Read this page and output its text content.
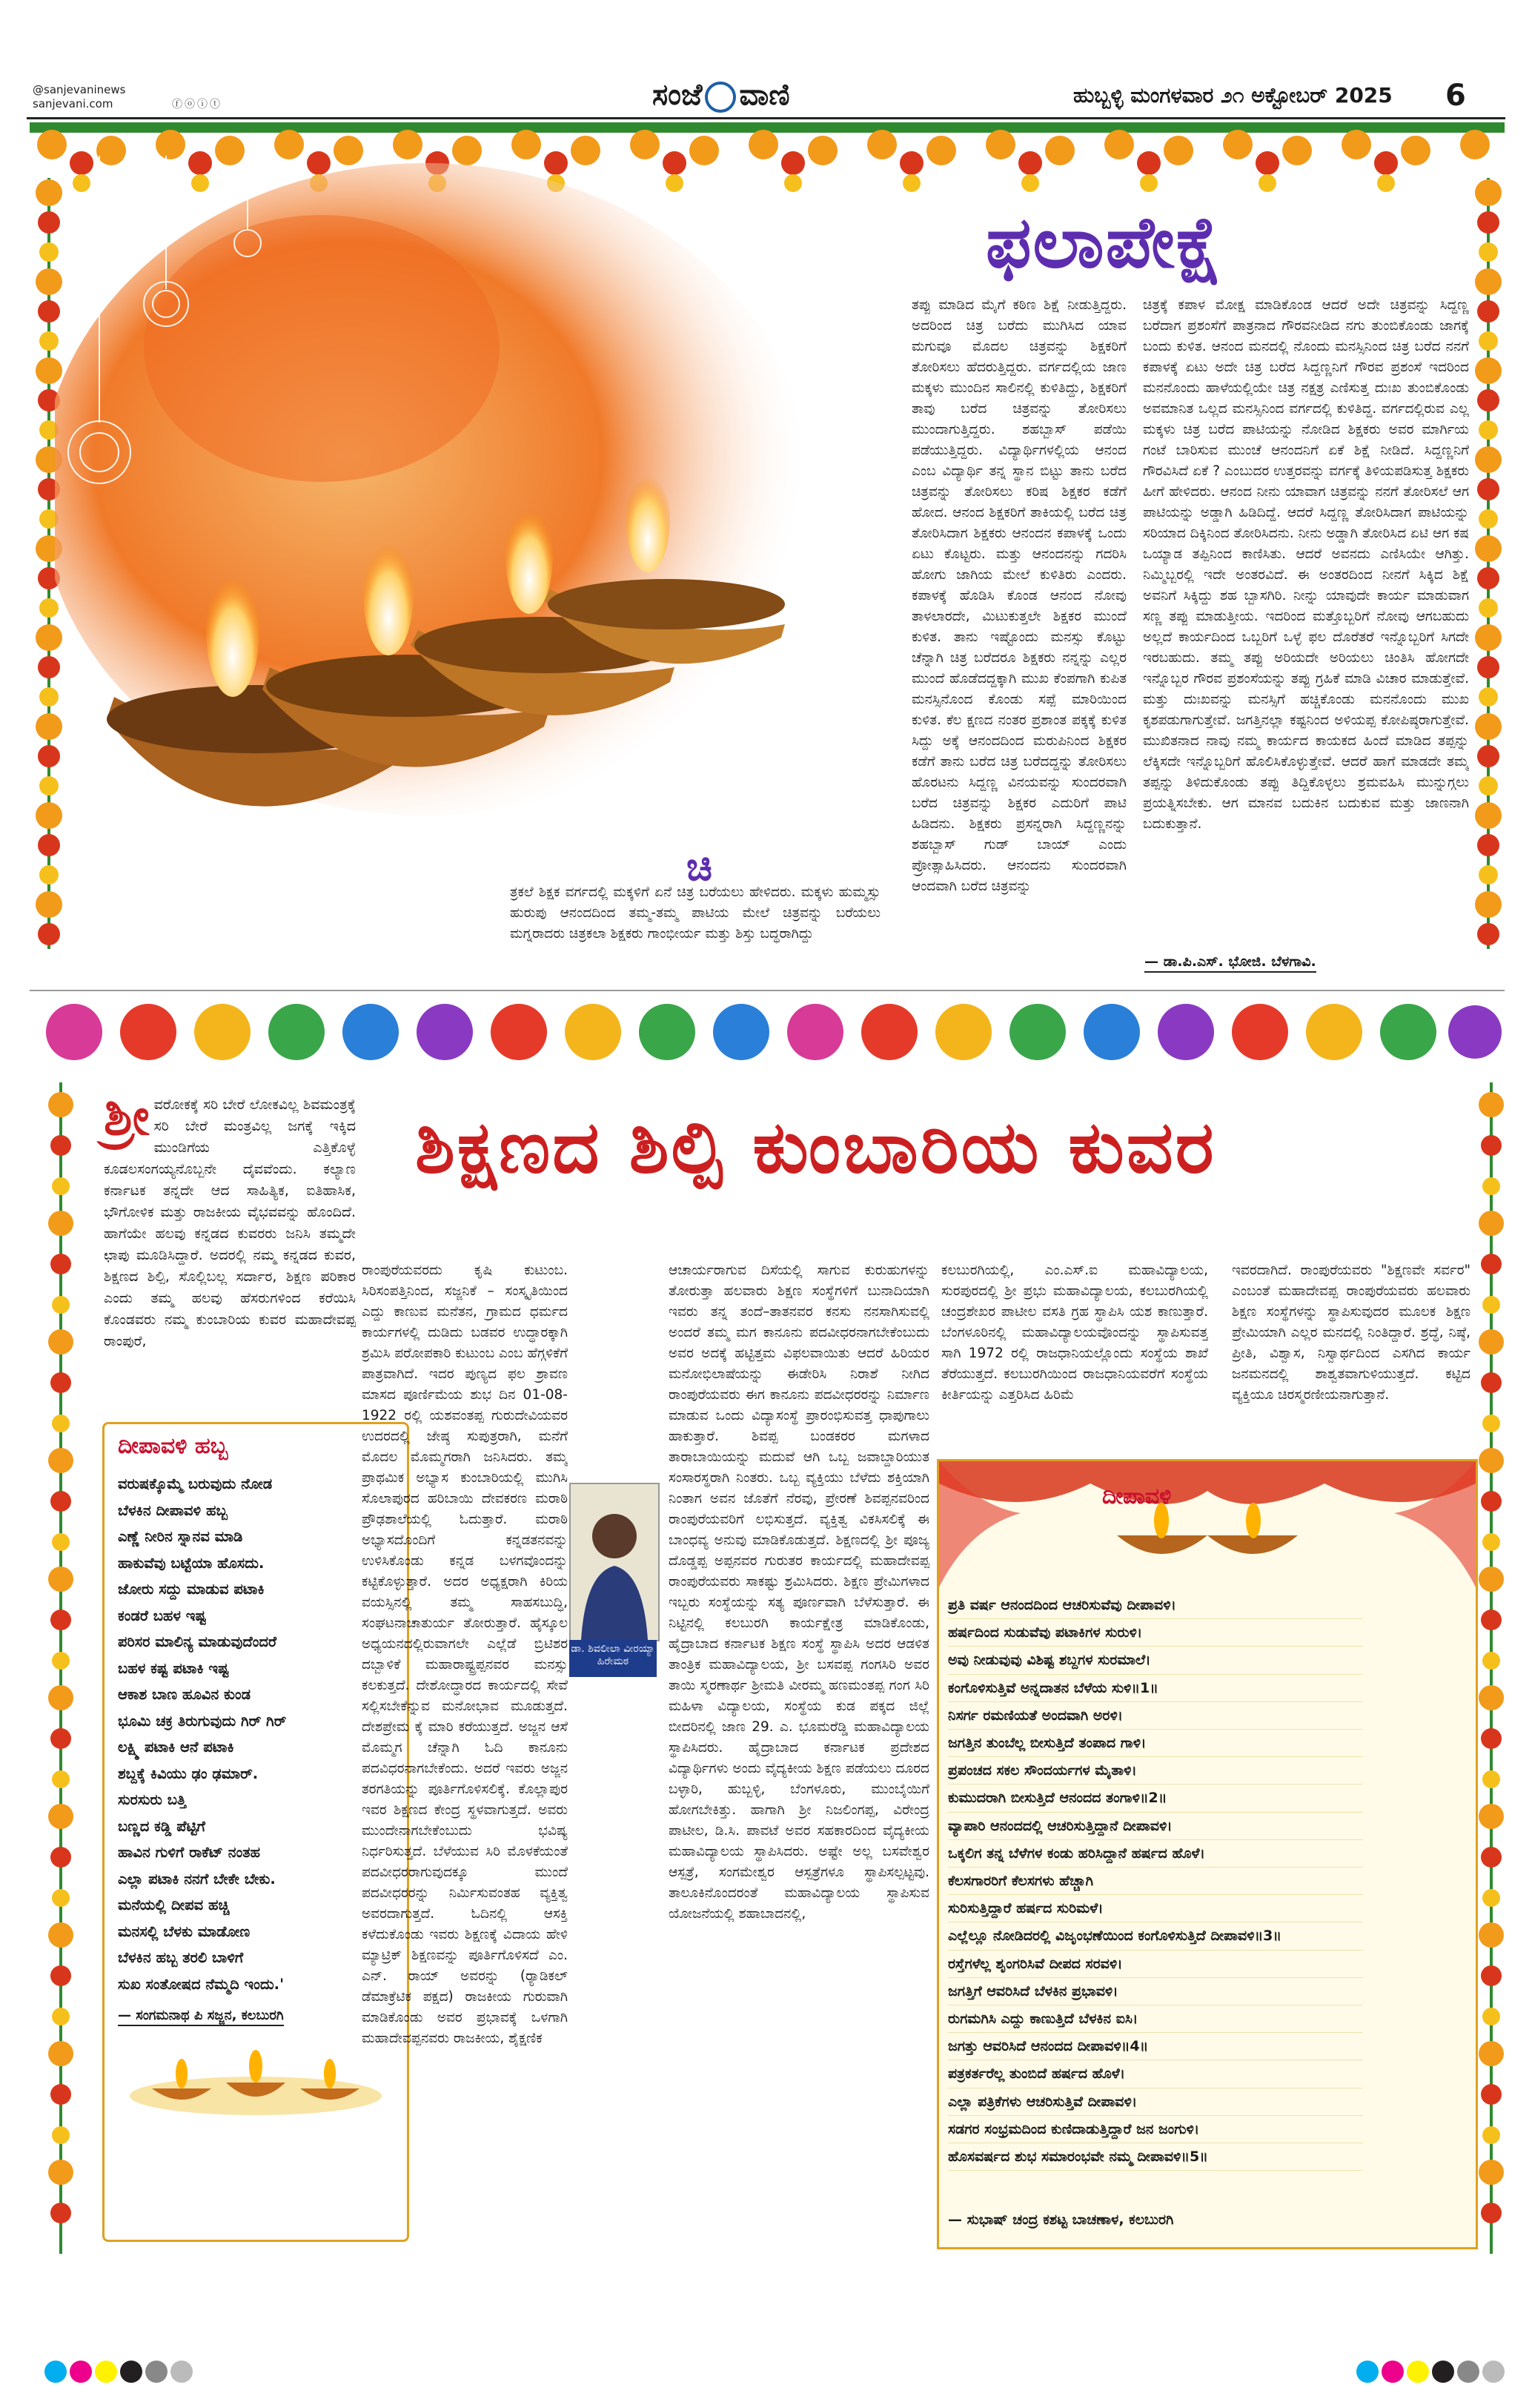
@sanjevaninews
sanjevani.com	ⓕⓞⓘⓣ	ಸಂಜೆ ವಾಣಿ	ಹುಬ್ಬಳ್ಳಿ ಮಂಗಳವಾರ ೨೧ ಅಕ್ಟೋಬರ್ 2025 6
ಫಲಾಪೇಕ್ಷೆ

ತಪ್ಪು ಮಾಡಿದ ಮೈಗೆ ಕಠಿಣ ಶಿಕ್ಷೆ ನೀಡುತ್ತಿದ್ದರು. ಅದರಿಂದ ಚಿತ್ರ ಬರೆದು ಮುಗಿಸಿದ ಯಾವ ಮಗುವೂ ಮೊದಲ ಚಿತ್ರವನ್ನು ಶಿಕ್ಷಕರಿಗೆ ತೋರಿಸಲು ಹೆದರುತ್ತಿದ್ದರು. ವರ್ಗದಲ್ಲಿಯ ಜಾಣ ಮಕ್ಕಳು ಮುಂದಿನ ಸಾಲಿನಲ್ಲಿ ಕುಳಿತಿದ್ದು, ಶಿಕ್ಷಕರಿಗೆ ತಾವು ಬರೆದ ಚಿತ್ರವನ್ನು ತೋರಿಸಲು ಮುಂದಾಗುತ್ತಿದ್ದರು. ಶಹಬ್ಬಾಸ್ ಪಡೆಯಿ ಪಡೆಯುತ್ತಿದ್ದರು. ವಿದ್ಯಾರ್ಥಿಗಳಲ್ಲಿಯ ಆನಂದ ಎಂಬ ವಿದ್ಯಾರ್ಥಿ ತನ್ನ ಸ್ಥಾನ ಬಿಟ್ಟು ತಾನು ಬರೆದ ಚಿತ್ರವನ್ನು ತೋರಿಸಲು ಕರಿಷ ಶಿಕ್ಷಕರ ಕಡೆಗೆ ಹೋದ. ಆನಂದ ಶಿಕ್ಷಕರಿಗೆ ತಾಕಿಯಲ್ಲಿ ಬರೆದ ಚಿತ್ರ ತೋರಿಸಿದಾಗ ಶಿಕ್ಷಕರು ಆನಂದನ ಕಪಾಳಕ್ಕೆ ಒಂದು ಏಟು ಕೊಟ್ಟರು. ಮತ್ತು ಆನಂದನನ್ನು ಗದರಿಸಿ ಹೋಗು ಜಾಗಿಯ ಮೇಲೆ ಕುಳಿತಿರು ಎಂದರು. ಕಪಾಳಕ್ಕೆ ಹೊಡಿಸಿ ಕೊಂಡ ಆನಂದ ನೋವು ತಾಳಲಾರದೇ, ಮಿಟುಕುತ್ತಲೇ ಶಿಕ್ಷಕರ ಮುಂದೆ ಕುಳಿತ. ತಾನು ಇಷ್ಟೊಂದು ಮನಸ್ಸು ಕೊಟ್ಟು ಚೆನ್ನಾಗಿ ಚಿತ್ರ ಬರೆದರೂ ಶಿಕ್ಷಕರು ನನ್ನನ್ನು ಎಲ್ಲರ ಮುಂದೆ ಹೊಡೆದದ್ದಕ್ಕಾಗಿ ಮುಖ ಕೆಂಪಗಾಗಿ ಕುಪಿತ ಮನಸ್ಸಿನೊಂದ ಕೊಂಡು ಸಪ್ಪೆ ಮಾರಿಯಿಂದ ಕುಳಿತ. ಕೆಲ ಕ್ಷಣದ ನಂತರ ಪ್ರಶಾಂತ ಪಕ್ಕಕ್ಕೆ ಕುಳಿತ ಸಿದ್ದು ಅಕ್ಕೆ ಆನಂದದಿಂದ ಮರುಪಿನಿಂದ ಶಿಕ್ಷಕರ ಕಡೆಗೆ ತಾನು ಬರೆದ ಚಿತ್ರ ಬರೆದದ್ದನ್ನು ತೋರಿಸಲು ಹೊರಟನು ಸಿದ್ದಣ್ಣ ವಿನಯವನ್ನು ಸುಂದರವಾಗಿ ಬರೆದ ಚಿತ್ರವನ್ನು ಶಿಕ್ಷಕರ ಎದುರಿಗೆ ಪಾಟಿ ಹಿಡಿದನು. ಶಿಕ್ಷಕರು ಪ್ರಸನ್ನರಾಗಿ ಸಿದ್ದಣ್ಣನನ್ನು ಶಹಬ್ಬಾಸ್ ಗುಡ್ ಬಾಯ್ ಎಂದು ಪ್ರೋತ್ಸಾಹಿಸಿದರು. ಆನಂದನು ಸುಂದರವಾಗಿ ಆಂದವಾಗಿ ಬರೆದ ಚಿತ್ರವನ್ನು

ಚಿ

ತ್ರಕಲೆ ಶಿಕ್ಷಕ ವರ್ಗದಲ್ಲಿ ಮಕ್ಕಳಿಗೆ ಏನೆ ಚಿತ್ರ ಬರೆಯಲು ಹೇಳಿದರು. ಮಕ್ಕಳು ಹುಮ್ಮಸ್ಸು ಹುರುಪು ಆನಂದದಿಂದ ತಮ್ಮ-ತಮ್ಮ ಪಾಟಿಯ ಮೇಲೆ ಚಿತ್ರವನ್ನು ಬರೆಯಲು ಮಗ್ನರಾದರು ಚಿತ್ರಕಲಾ ಶಿಕ್ಷಕರು ಗಾಂಭೀರ್ಯ ಮತ್ತು ಶಿಸ್ತು ಬದ್ಧರಾಗಿದ್ದು

ಚಿತ್ರಕ್ಕೆ ಕಪಾಳ ಮೋಕ್ಷ ಮಾಡಿಕೊಂಡ ಆದರೆ ಅದೇ ಚಿತ್ರವನ್ನು ಸಿದ್ದಣ್ಣ ಬರೆದಾಗ ಪ್ರಶಂಸೆಗೆ ಪಾತ್ರನಾದ ಗೌರವನೀಡಿದ ನಗು ತುಂಬಿಕೊಂಡು ಜಾಗಕ್ಕೆ ಬಂದು ಕುಳಿತ. ಆನಂದ ಮನದಲ್ಲಿ ನೊಂದು ಮನಸ್ಸಿನಿಂದ ಚಿತ್ರ ಬರೆದ ನನಗೆ ಕಪಾಳಕ್ಕೆ ಏಟು ಅದೇ ಚಿತ್ರ ಬರೆದ ಸಿದ್ದಣ್ಣನಿಗೆ ಗೌರವ ಪ್ರಶಂಸೆ ಇದರಿಂದ ಮನನೊಂದು ಹಾಳೆಯಲ್ಲಿಯೇ ಚಿತ್ರ ನಕ್ಷತ್ರ ಎಣಿಸುತ್ತ ದುಃಖ ತುಂಬಿಕೊಂಡು ಅವಮಾನಿತ ಒಲ್ಲದ ಮನಸ್ಸಿನಿಂದ ವರ್ಗದಲ್ಲಿ ಕುಳಿತಿದ್ದ. ವರ್ಗದಲ್ಲಿರುವ ಎಲ್ಲ ಮಕ್ಕಳು ಚಿತ್ರ ಬರೆದ ಪಾಟಿಯನ್ನು ನೋಡಿದ ಶಿಕ್ಷಕರು ಅವರ ಮಾರ್ಗಿಯ ಗಂಟೆ ಬಾರಿಸುವ ಮುಂಚೆ ಆನಂದನಿಗೆ ಏಕೆ ಶಿಕ್ಷೆ ನೀಡಿದೆ. ಸಿದ್ದಣ್ಣನಿಗೆ ಗೌರವಿಸಿದೆ ಏಕೆ ? ಎಂಬುದರ ಉತ್ತರವನ್ನು ವರ್ಗಕ್ಕೆ ತಿಳಿಯಪಡಿಸುತ್ತ ಶಿಕ್ಷಕರು ಹೀಗೆ ಹೇಳಿದರು. ಆನಂದ ನೀನು ಯಾವಾಗ ಚಿತ್ರವನ್ನು ನನಗೆ ತೋರಿಸಲೆ ಆಗ ಪಾಟಿಯನ್ನು ಅಡ್ಡಾಗಿ ಹಿಡಿದಿದ್ದೆ. ಆದರೆ ಸಿದ್ದಣ್ಣ ತೋರಿಸಿದಾಗ ಪಾಟಿಯನ್ನು ಸರಿಯಾದ ದಿಕ್ಕಿನಿಂದ ತೋರಿಸಿದನು. ನೀನು ಅಡ್ಡಾಗಿ ತೋರಿಸಿದ ಏಟಿ ಆಗ ಕಷ ಒಯ್ಯಾಡ ತಪ್ಪಿನಿಂದ ಕಾಣಿಸಿತು. ಆದರೆ ಅವನದು ಎಣಿಸಿಯೇ ಆಗಿತ್ತು. ನಿಮ್ಮಿಬ್ಬರಲ್ಲಿ ಇದೇ ಅಂತರವಿದೆ. ಈ ಅಂತರದಿಂದ ನೀನಗೆ ಸಿಕ್ಕಿದ ಶಿಕ್ಷೆ ಅವನಿಗೆ ಸಿಕ್ಕಿದ್ದು ಶಹ ಬ್ಬಾಸಗಿರಿ. ನೀನ್ನು ಯಾವುದೇ ಕಾರ್ಯ ಮಾಡುವಾಗ ಸಣ್ಣ ತಪ್ಪು ಮಾಡುತ್ತೀಯ. ಇದರಿಂದ ಮತ್ತೊಬ್ಬರಿಗೆ ನೋವು ಆಗಬಹುದು ಅಲ್ಲದೆ ಕಾರ್ಯದಿಂದ ಒಬ್ಬರಿಗೆ ಒಳ್ಳೆ ಫಲ ದೊರೆತರೆ ಇನ್ನೊಬ್ಬರಿಗೆ ಸಿಗದೇ ಇರಬಹುದು. ತಮ್ಮ ತಪ್ಪು ಅರಿಯದೇ ಅರಿಯಲು ಚಿಂತಿಸಿ ಹೋಗದೇ ಇನ್ನೊಬ್ಬರ ಗೌರವ ಪ್ರಶಂಸೆಯನ್ನು ತಪ್ಪು ಗ್ರಹಿಕೆ ಮಾಡಿ ವಿಚಾರ ಮಾಡುತ್ತೇವೆ. ಮತ್ತು ದುಃಖವನ್ನು ಮನಸ್ಸಿಗೆ ಹಚ್ಚಿಕೊಂಡು ಮನನೊಂದು ಮುಖ ಕೃಶಪಡುಗಾಗುತ್ತೇವೆ. ಜಗತ್ತಿನಲ್ಲಾ ಕಷ್ಟನಿಂದ ಅಳಿಯಪ್ಪ ಕೋಪಿಷ್ಠರಾಗುತ್ತೇವೆ. ಮುಖಿತನಾದ ನಾವು ನಮ್ಮ ಕಾರ್ಯದ ಕಾಯಕದ ಹಿಂದೆ ಮಾಡಿದ ತಪ್ಪನ್ನು ಲೆಕ್ಕಿಸದೇ ಇನ್ನೊಬ್ಬರಿಗೆ ಹೊಲಿಸಿಕೊಳ್ಳುತ್ತೇವೆ. ಆದರೆ ಹಾಗೆ ಮಾಡದೇ ತಮ್ಮ ತಪ್ಪನ್ನು ತಿಳಿದುಕೊಂಡು ತಪ್ಪು ತಿದ್ದಿಕೊಳ್ಳಲು ಶ್ರಮವಹಿಸಿ ಮುನ್ನುಗ್ಗಲು ಪ್ರಯತ್ನಿಸಬೇಕು. ಆಗ ಮಾನವ ಬದುಕಿನ ಬದುಕುವ ಮತ್ತು ಜಾಣನಾಗಿ ಬದುಕುತ್ತಾನೆ.

— ಡಾ.ಪಿ.ಎಸ್. ಭೋಜಿ. ಬೆಳಗಾವಿ.
ಶಿಕ್ಷಣದ ಶಿಲ್ಪಿ ಕುಂಬಾರಿಯ ಕುವರ
ಶ್ರೀ ವರೋಕಕ್ಕೆ ಸರಿ ಬೇರೆ ಲೋಕವಿಲ್ಲ ಶಿವಮಂತ್ರಕ್ಕೆ ಸರಿ ಬೇರೆ ಮಂತ್ರವಿಲ್ಲ ಜಗಕ್ಕೆ ಇಕ್ಕಿದ ಮುಂಡಿಗೆಯ ಎತ್ತಿಕೊಳ್ಳೆ ಕೂಡಲಸಂಗಯ್ಯನೊಬ್ಬನೇ ದೈವವೆಂದು. ಕಲ್ಯಾಣ ಕರ್ನಾಟಕ ತನ್ನದೇ ಆದ ಸಾಹಿತ್ಯಿಕ, ಐತಿಹಾಸಿಕ, ಭೌಗೋಳಿಕ ಮತ್ತು ರಾಜಕೀಯ ವೈಭವವನ್ನು ಹೊಂದಿದೆ. ಹಾಗೆಯೇ ಹಲವು ಕನ್ನಡದ ಕುವರರು ಜನಿಸಿ ತಮ್ಮದೇ ಛಾಪು ಮೂಡಿಸಿದ್ದಾರೆ. ಅದರಲ್ಲಿ ನಮ್ಮ ಕನ್ನಡದ ಕುವರ, ಶಿಕ್ಷಣದ ಶಿಲ್ಪಿ, ಸೊಲ್ಲಿಬಲ್ಲ ಸರ್ದಾರ, ಶಿಕ್ಷಣ ಪರಿಕಾರ ಎಂದು ತಮ್ಮ ಹಲವು ಹೆಸರುಗಳಿಂದ ಕರೆಯಿಸಿ ಕೊಂಡವರು ನಮ್ಮ ಕುಂಬಾರಿಯ ಕುವರ ಮಹಾದೇವಪ್ಪ ರಾಂಪುರೆ,
ದೀಪಾವಳಿ ಹಬ್ಬ
ವರುಷಕ್ಕೊಮ್ಮೆ ಬರುವುದು ನೋಡ
ಬೆಳಕಿನ ದೀಪಾವಳಿ ಹಬ್ಬ
ಎಣ್ಣೆ ನೀರಿನ ಸ್ನಾನವ ಮಾಡಿ
ಹಾಕುವೆವು ಬಟ್ಟೆಯಾ ಹೊಸದು.
ಜೋರು ಸದ್ದು ಮಾಡುವ ಪಟಾಕಿ
ಕಂಡರೆ ಬಹಳ ಇಷ್ಟ
ಪರಿಸರ ಮಾಲಿನ್ಯ ಮಾಡುವುದೆಂದರೆ
ಬಹಳ ಕಷ್ಟ ಪಟಾಕಿ ಇಷ್ಟ
ಆಕಾಶ ಬಾಣ ಹೂವಿನ ಕುಂಡ
ಭೂಮಿ ಚಕ್ರ ತಿರುಗುವುದು ಗಿರ್ ಗಿರ್
ಲಕ್ಷ್ಮಿ ಪಟಾಕಿ ಆನೆ ಪಟಾಕಿ
ಶಬ್ದಕ್ಕೆ ಕಿವಿಯು ಢಂ ಢಮಾರ್.
ಸುರಸುರು ಬತ್ತಿ
ಬಣ್ಣದ ಕಡ್ಡಿ ಪೆಟ್ಟಿಗೆ
ಹಾವಿನ ಗುಳಿಗೆ ರಾಕೆಟ್ ನಂತಹ
ಎಲ್ಲಾ ಪಟಾಕಿ ನನಗೆ ಬೇಕೇ ಬೇಕು.
ಮನೆಯಲ್ಲಿ ದೀಪವ ಹಚ್ಚಿ
ಮನಸಲ್ಲಿ ಬೆಳಕು ಮಾಡೋಣ
ಬೆಳಕಿನ ಹಬ್ಬ ತರಲಿ ಬಾಳಿಗೆ
ಸುಖ ಸಂತೋಷದ ನೆಮ್ಮದಿ ಇಂದು.'
— ಸಂಗಮನಾಥ ಪಿ ಸಜ್ಜನ, ಕಲಬುರಗಿ

ರಾಂಪುರೆಯವರದು ಕೃಷಿ ಕುಟುಂಬ. ಸಿರಿಸಂಪತ್ತಿನಿಂದ, ಸಜ್ಜನಿಕೆ – ಸಂಸ್ಕೃತಿಯಿಂದ ಎದ್ದು ಕಾಣುವ ಮನೆತನ, ಗ್ರಾಮದ ಧರ್ಮದ ಕಾರ್ಯಗಳಲ್ಲಿ ದುಡಿದು ಬಡವರ ಉದ್ಧಾರಕ್ಕಾಗಿ ಶ್ರಮಿಸಿ ಪರೋಪಕಾರಿ ಕುಟುಂಬ ಎಂಬ ಹೆಗ್ಗಳಿಕೆಗೆ ಪಾತ್ರವಾಗಿದೆ. ಇದರ ಪುಣ್ಯದ ಫಲ ಶ್ರಾವಣ ಮಾಸದ ಪೂರ್ಣಿಮೆಯ ಶುಭ ದಿನ 01-08-1922 ರಲ್ಲಿ ಯಶವಂತಪ್ಪ ಗುರುದೇವಿಯವರ ಉದರದಲ್ಲಿ ಜೇಷ್ಠ ಸುಪುತ್ರರಾಗಿ, ಮನೆಗೆ ಮೊದಲ ಮೊಮ್ಮಗರಾಗಿ ಜನಿಸಿದರು. ತಮ್ಮ ಪ್ರಾಥಮಿಕ ಅಭ್ಯಾಸ ಕುಂಬಾರಿಯಲ್ಲಿ ಮುಗಿಸಿ ಸೊಲಾಪುರದ ಹರಿಬಾಯಿ ದೇವಕರಣ ಮರಾಠಿ ಪ್ರೌಢಶಾಲೆಯಲ್ಲಿ ಓದುತ್ತಾರೆ. ಮರಾಠಿ ಅಭ್ಯಾಸದೊಂದಿಗೆ ಕನ್ನಡತನವನ್ನು ಉಳಿಸಿಕೊಂಡು ಕನ್ನಡ ಬಳಗವೊಂದನ್ನು ಕಟ್ಟಿಕೊಳ್ಳುತ್ತಾರೆ. ಅದರ ಅಧ್ಯಕ್ಷರಾಗಿ ಕಿರಿಯ ವಯಸ್ಸಿನಲ್ಲಿ ತಮ್ಮ ಸಾಹಸಬುದ್ಧಿ, ಸಂಘಟನಾಚಾತುರ್ಯ ತೋರುತ್ತಾರೆ. ಹೈಸ್ಕೂಲ ಅಧ್ಯಯನದಲ್ಲಿರುವಾಗಲೇ ಎಲ್ಲೆಡೆ ಬ್ರಿಟಿಶರ ದಬ್ಬಾಳಿಕೆ ಮಹಾರಾಷ್ಟ್ರಪ್ಪನವರ ಮನಸ್ಸು ಕಲಕುತ್ತದೆ. ದೇಶೋದ್ಧಾರದ ಕಾರ್ಯದಲ್ಲಿ ಸೇವೆ ಸಲ್ಲಿಸಬೇಕೆನ್ನುವ ಮನೋಭಾವ ಮೂಡುತ್ತದೆ. ದೇಶಪ್ರೇಮ ಕ್ಕೆ ಮಾರಿ ಕರೆಯುತ್ತದೆ. ಅಜ್ಜನ ಆಸೆ ಮೊಮ್ಮಗ ಚೆನ್ನಾಗಿ ಓದಿ ಕಾನೂನು ಪದವಿಧರನಾಗಬೇಕೆಂದು. ಅದರೆ ಇವರು ಅಜ್ಜನ ತರಗತಿಯನ್ನು ಪೂರ್ತಿಗೊಳಿಸಲಿಕ್ಕೆ. ಕೊಲ್ಲಾಪುರ ಇವರ ಶಿಕ್ಷಣದ ಕೇಂದ್ರ ಸ್ಥಳವಾಗುತ್ತದೆ. ಅವರು ಮುಂದೇನಾಗಬೇಕೆಂಬುದು ಭವಿಷ್ಯ ನಿರ್ಧರಿಸುತ್ತದೆ. ಬೆಳೆಯುವ ಸಿರಿ ಮೊಳಕೆಯಂತೆ ಪದವೀಧರರಾಗುವುದಕ್ಕೂ ಮುಂದೆ ಪದವೀಧರರನ್ನು ನಿರ್ಮಿಸುವಂತಹ ವ್ಯಕ್ತಿತ್ವ ಅವರದಾಗುತ್ತದೆ. ಓದಿನಲ್ಲಿ ಆಸಕ್ತಿ ಕಳೆದುಕೊಂಡು ಇವರು ಶಿಕ್ಷಣಕ್ಕೆ ವಿದಾಯ ಹೇಳಿ ಮ್ಯಾಟ್ರಿಕ್ ಶಿಕ್ಷಣವನ್ನು ಪೂರ್ತಿಗೊಳಿಸದೆ ಎಂ. ಎನ್. ರಾಯ್ ಅವರನ್ನು (ರ್‍ಯಾಡಿಕಲ್ ಡೆಮಾಕ್ರೆಟಿಕ ಪಕ್ಷದ) ರಾಜಕೀಯ ಗುರುವಾಗಿ ಮಾಡಿಕೊಂಡು ಅವರ ಪ್ರಭಾವಕ್ಕೆ ಒಳಗಾಗಿ ಮಹಾದೇವಪ್ಪನವರು ರಾಜಕೀಯ, ಶೈಕ್ಷಣಿಕ

ಡಾ. ಶಿವಲೀಲಾ ವೀರಯ್ಯಾ ಹಿರೇಮಠ

ಆಚಾರ್ಯರಾಗುವ ದಿಸೆಯಲ್ಲಿ ಸಾಗುವ ಕುರುಹುಗಳನ್ನು ತೋರುತ್ತಾ ಹಲವಾರು ಶಿಕ್ಷಣ ಸಂಸ್ಥೆಗಳಿಗೆ ಬುನಾದಿಯಾಗಿ ಇವರು ತನ್ನ ತಂದೆ–ತಾತನವರ ಕನಸು ನನಸಾಗಿಸುವಲ್ಲಿ ಅಂದರೆ ತಮ್ಮ ಮಗ ಕಾನೂನು ಪದವೀಧರನಾಗಬೇಕೆಂಬುದು ಅವರ ಅದಕ್ಕೆ ಹಟ್ಟಿತ್ತಮ ವಿಫಲವಾಯಿತು ಆದರೆ ಹಿರಿಯರ ಮನೋಭಿಲಾಷೆಯನ್ನು ಈಡೇರಿಸಿ ನಿರಾಶೆ ನೀಗಿದ ರಾಂಪುರೆಯವರು ಈಗ ಕಾನೂನು ಪದವೀಧರರನ್ನು ನಿರ್ಮಾಣ ಮಾಡುವ ಒಂದು ವಿದ್ಯಾಸಂಸ್ಥೆ ಪ್ರಾರಂಭಿಸುವತ್ತ ಧಾಪುಗಾಲು ಹಾಕುತ್ತಾರೆ. ಶಿವಪ್ಪ ಬಂಡಕರರ ಮಗಳಾದ ತಾರಾಬಾಯಿಯನ್ನು ಮದುವೆ ಆಗಿ ಒಬ್ಬ ಜವಾಬ್ದಾರಿಯುತ ಸಂಸಾರಸ್ಥರಾಗಿ ನಿಂತರು. ಒಬ್ಬ ವ್ಯಕ್ತಿಯು ಬೆಳೆದು ಶಕ್ತಿಯಾಗಿ ನಿಂತಾಗ ಅವನ ಜೊತೆಗೆ ನೆರವು, ಪ್ರೇರಣೆ ಶಿವಪ್ಪನವರಿಂದ ರಾಂಪುರೆಯವರಿಗೆ ಲಭಿಸುತ್ತದೆ. ವ್ಯಕ್ತಿತ್ವ ವಿಕಸಿಸಲಿಕ್ಕೆ ಈ ಬಾಂಧವ್ಯ ಅನುವು ಮಾಡಿಕೊಡುತ್ತದೆ. ಶಿಕ್ಷಣದಲ್ಲಿ ಶ್ರೀ ಪೂಜ್ಯ ದೊಡ್ಡಪ್ಪ ಅಪ್ಪನವರ ಗುರುತರ ಕಾರ್ಯದಲ್ಲಿ ಮಹಾದೇವಪ್ಪ ರಾಂಪುರೆಯವರು ಸಾಕಷ್ಟು ಶ್ರಮಿಸಿದರು. ಶಿಕ್ಷಣ ಪ್ರೇಮಿಗಳಾದ ಇಬ್ಬರು ಸಂಸ್ಥೆಯನ್ನು ಸತ್ಯ ಪೂರ್ಣವಾಗಿ ಬೆಳೆಸುತ್ತಾರೆ. ಈ ನಿಟ್ಟಿನಲ್ಲಿ ಕಲಬುರಗಿ ಕಾರ್ಯಕ್ಷೇತ್ರ ಮಾಡಿಕೊಂಡು, ಹೈದ್ರಾಬಾದ ಕರ್ನಾಟಕ ಶಿಕ್ಷಣ ಸಂಸ್ಥೆ ಸ್ಥಾಪಿಸಿ ಅದರ ಆಡಳಿತ ತಾಂತ್ರಿಕ ಮಹಾವಿದ್ಯಾಲಯ, ಶ್ರೀ ಬಸವಪ್ಪ ಗಂಗಸಿರಿ ಅವರ ತಾಯಿ ಸ್ಮರಣಾರ್ಥ ಶ್ರೀಮತಿ ವೀರಮ್ಮ ಹಣಮಂತಪ್ಪ ಗಂಗ ಸಿರಿ ಮಹಿಳಾ ವಿದ್ಯಾಲಯ, ಸಂಸ್ಥೆಯ ಕುಡ ಪಕ್ಕದ ಜಿಲ್ಲೆ ಬೀದರಿನಲ್ಲಿ ಜಾಣ 29. ಎ. ಭೂಮರೆಡ್ಡಿ ಮಹಾವಿದ್ಯಾಲಯ ಸ್ಥಾಪಿಸಿದರು. ಹೈದ್ರಾಬಾದ ಕರ್ನಾಟಕ ಪ್ರದೇಶದ ವಿದ್ಯಾರ್ಥಿಗಳು ಅಂದು ವೈದ್ಯಕೀಯ ಶಿಕ್ಷಣ ಪಡೆಯಲು ದೂರದ ಬಳ್ಳಾರಿ, ಹುಬ್ಬಳ್ಳಿ, ಬೆಂಗಳೂರು, ಮುಂಬೈಯಿಗೆ ಹೋಗಬೇಕಿತ್ತು. ಹಾಗಾಗಿ ಶ್ರೀ ನಿಜಲಿಂಗಪ್ಪ, ವಿರೇಂದ್ರ ಪಾಟೀಲ, ಡಿ.ಸಿ. ಪಾವಟೆ ಅವರ ಸಹಕಾರದಿಂದ ವೈದ್ಯಕೀಯ ಮಹಾವಿದ್ಯಾಲಯ ಸ್ಥಾಪಿಸಿದರು. ಅಷ್ಟೇ ಅಲ್ಲ ಬಸವೇಶ್ವರ ಆಸ್ಪತ್ರೆ, ಸಂಗಮೇಶ್ವರ ಆಸ್ಪತ್ರೆಗಳೂ ಸ್ಥಾಪಿಸಲ್ಪಟ್ಟವು. ತಾಲೂಕಿನೊಂದರಂತೆ ಮಹಾವಿದ್ಯಾಲಯ ಸ್ಥಾಪಿಸುವ ಯೋಜನೆಯಲ್ಲಿ ಶಹಾಬಾದನಲ್ಲಿ,

ಕಲಬುರಗಿಯಲ್ಲಿ, ಎಂ.ಎಸ್.ಐ ಮಹಾವಿದ್ಯಾಲಯ, ಸುರಪುರದಲ್ಲಿ ಶ್ರೀ ಪ್ರಭು ಮಹಾವಿದ್ಯಾಲಯ, ಕಲಬುರಗಿಯಲ್ಲಿ ಚಂದ್ರಶೇಖರ ಪಾಟೀಲ ವಸತಿ ಗ್ರಹ ಸ್ಥಾಪಿಸಿ ಯಶ ಕಾಣುತ್ತಾರೆ. ಬೆಂಗಳೂರಿನಲ್ಲಿ ಮಹಾವಿದ್ಯಾಲಯವೊಂದನ್ನು ಸ್ಥಾಪಿಸುವತ್ತ ಸಾಗಿ 1972 ರಲ್ಲಿ ರಾಜಧಾನಿಯಲ್ಲೊಂದು ಸಂಸ್ಥೆಯ ಶಾಖೆ ತೆರೆಯುತ್ತದೆ. ಕಲಬುರಗಿಯಿಂದ ರಾಜಧಾನಿಯವರೆಗೆ ಸಂಸ್ಥೆಯ ಕೀರ್ತಿಯನ್ನು ಎತ್ತರಿಸಿದ ಹಿರಿಮೆ

ಇವರದಾಗಿದೆ. ರಾಂಪುರೆಯವರು "ಶಿಕ್ಷಣವೇ ಸರ್ವರ" ಎಂಬಂತೆ ಮಹಾದೇವಪ್ಪ ರಾಂಪುರೆಯವರು ಹಲವಾರು ಶಿಕ್ಷಣ ಸಂಸ್ಥೆಗಳನ್ನು ಸ್ಥಾಪಿಸುವುದರ ಮೂಲಕ ಶಿಕ್ಷಣ ಪ್ರೇಮಿಯಾಗಿ ಎಲ್ಲರ ಮನದಲ್ಲಿ ನಿಂತಿದ್ದಾರೆ. ಶ್ರದ್ಧೆ, ನಿಷ್ಠೆ, ಪ್ರೀತಿ, ವಿಶ್ವಾಸ, ನಿಸ್ವಾರ್ಥದಿಂದ ಎಸಗಿದ ಕಾರ್ಯ ಜನಮನದಲ್ಲಿ ಶಾಶ್ವತವಾಗುಳಿಯುತ್ತದೆ. ಕಟ್ಟಿದ ವ್ಯಕ್ತಿಯೂ ಚಿರಸ್ಮರಣೀಯನಾಗುತ್ತಾನೆ.

ದೀಪಾವಳಿ
ಪ್ರತಿ ವರ್ಷ ಆನಂದದಿಂದ ಆಚರಿಸುವೆವು ದೀಪಾವಳಿ।
ಹರ್ಷದಿಂದ ಸುಡುವೆವು ಪಟಾಕಿಗಳ ಸುರುಳಿ।
ಅವು ನೀಡುವುವು ವಿಶಿಷ್ಟ ಶಬ್ದಗಳ ಸುರಮಾಲೆ।
ಕಂಗೊಳಿಸುತ್ತಿವೆ ಅನ್ನದಾತನ ಬೆಳೆಯ ಸುಳಿ॥1॥
ನಿಸರ್ಗ ರಮಣಿಯತೆ ಅಂದವಾಗಿ ಅರಳಿ।
ಜಗತ್ತಿನ ತುಂಬೆಲ್ಲ ಬೀಸುತ್ತಿದೆ ತಂಪಾದ ಗಾಳಿ।
ಪ್ರಪಂಚದ ಸಕಲ ಸೌಂದರ್ಯಗಳ ಮೈತಾಳಿ।
ಕುಮುದರಾಗಿ ಬೀಸುತ್ತಿದೆ ಆನಂದದ ತಂಗಾಳಿ॥2॥
ವ್ಯಾಪಾರಿ ಆನಂದದಲ್ಲಿ ಆಚರಿಸುತ್ತಿದ್ದಾನೆ ದೀಪಾವಳಿ।
ಒಕ್ಕಲಿಗ ತನ್ನ ಬೆಳೆಗಳ ಕಂಡು ಹರಿಸಿದ್ದಾನೆ ಹರ್ಷದ ಹೊಳೆ।
ಕೆಲಸಗಾರರಿಗೆ ಕೆಲಸಗಳು ಹೆಚ್ಚಾಗಿ
ಸುರಿಸುತ್ತಿದ್ದಾರೆ ಹರ್ಷದ ಸುರಿಮಳೆ।
ಎಲ್ಲೆಲ್ಲೂ ನೋಡಿದರಲ್ಲಿ ವಿಜೃಂಭಣೆಯಿಂದ ಕಂಗೊಳಿಸುತ್ತಿದೆ ದೀಪಾವಳಿ॥3॥
ರಸ್ತೆಗಳೆಲ್ಲ ಶೃಂಗರಿಸಿವೆ ದೀಪದ ಸರವಳಿ।
ಜಗತ್ತಿಗೆ ಆವರಿಸಿದೆ ಬೆಳಕಿನ ಪ್ರಭಾವಳಿ।
ರುಗಮಗಿಸಿ ಎದ್ದು ಕಾಣುತ್ತಿದೆ ಬೆಳಕಿನ ಐಸಿ।
ಜಗತ್ತು ಆವರಿಸಿದೆ ಆನಂದದ ದೀಪಾವಳಿ॥4॥
ಪತ್ರಕರ್ತರೆಲ್ಲ ತುಂಬಿದೆ ಹರ್ಷದ ಹೊಳೆ।
ಎಲ್ಲಾ ಪತ್ರಿಕೆಗಳು ಆಚರಿಸುತ್ತಿವೆ ದೀಪಾವಳಿ।
ಸಡಗರ ಸಂಭ್ರಮದಿಂದ ಕುಣಿದಾಡುತ್ತಿದ್ದಾರೆ ಜನ ಜಂಗುಳಿ।
ಹೊಸವರ್ಷದ ಶುಭ ಸಮಾರಂಭವೇ ನಮ್ಮ ದೀಪಾವಳಿ॥5॥
— ಸುಭಾಷ್ ಚಂದ್ರ ಕಶಟ್ಟ ಬಾಚಣಾಳ, ಕಲಬುರಗಿ
